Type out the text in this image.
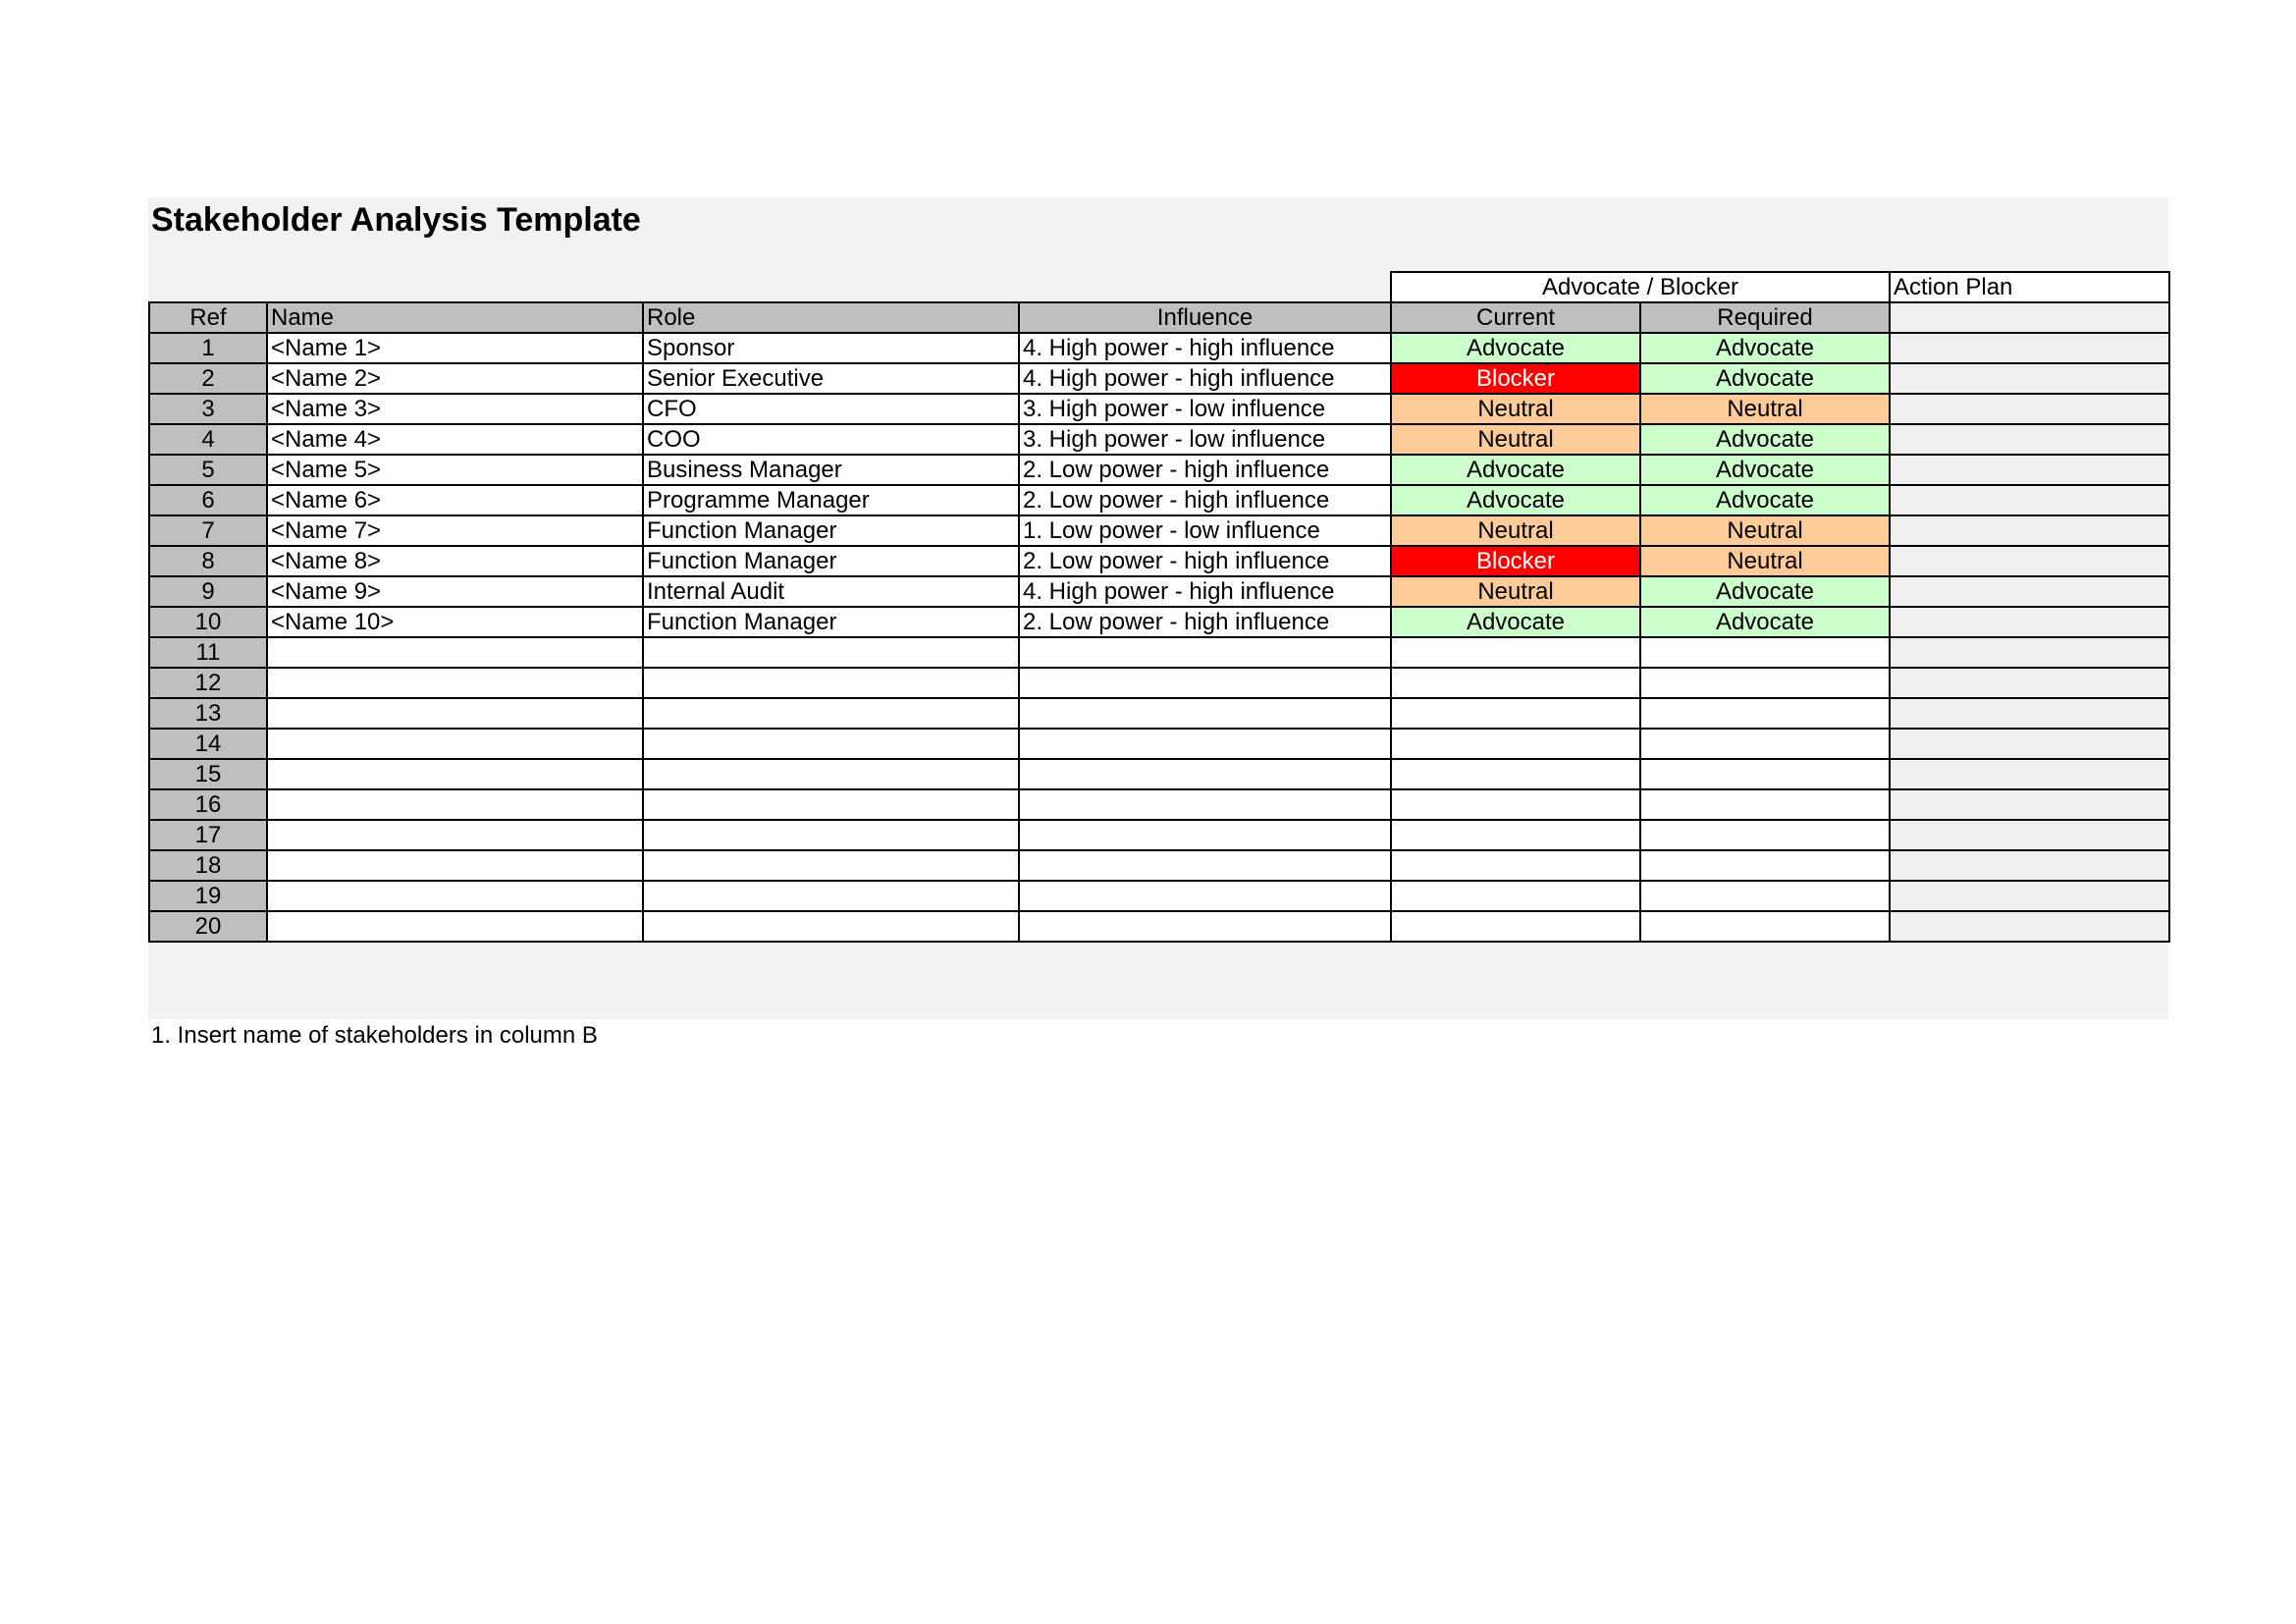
Stakeholder Analysis Template
				Advocate / Blocker		Action Plan
Ref	Name	Role	Influence	Current	Required	
1	<Name 1>	Sponsor	4. High power - high influence	Advocate	Advocate	
2	<Name 2>	Senior Executive	4. High power - high influence	Blocker	Advocate	
3	<Name 3>	CFO	3. High power - low influence	Neutral	Neutral	
4	<Name 4>	COO	3. High power - low influence	Neutral	Advocate	
5	<Name 5>	Business Manager	2. Low power - high influence	Advocate	Advocate	
6	<Name 6>	Programme Manager	2. Low power - high influence	Advocate	Advocate	
7	<Name 7>	Function Manager	1. Low power - low influence	Neutral	Neutral	
8	<Name 8>	Function Manager	2. Low power - high influence	Blocker	Neutral	
9	<Name 9>	Internal Audit	4. High power - high influence	Neutral	Advocate	
10	<Name 10>	Function Manager	2. Low power - high influence	Advocate	Advocate	
11						
12						
13						
14						
15						
16						
17						
18						
19						
20						
1. Insert name of stakeholders in column B
